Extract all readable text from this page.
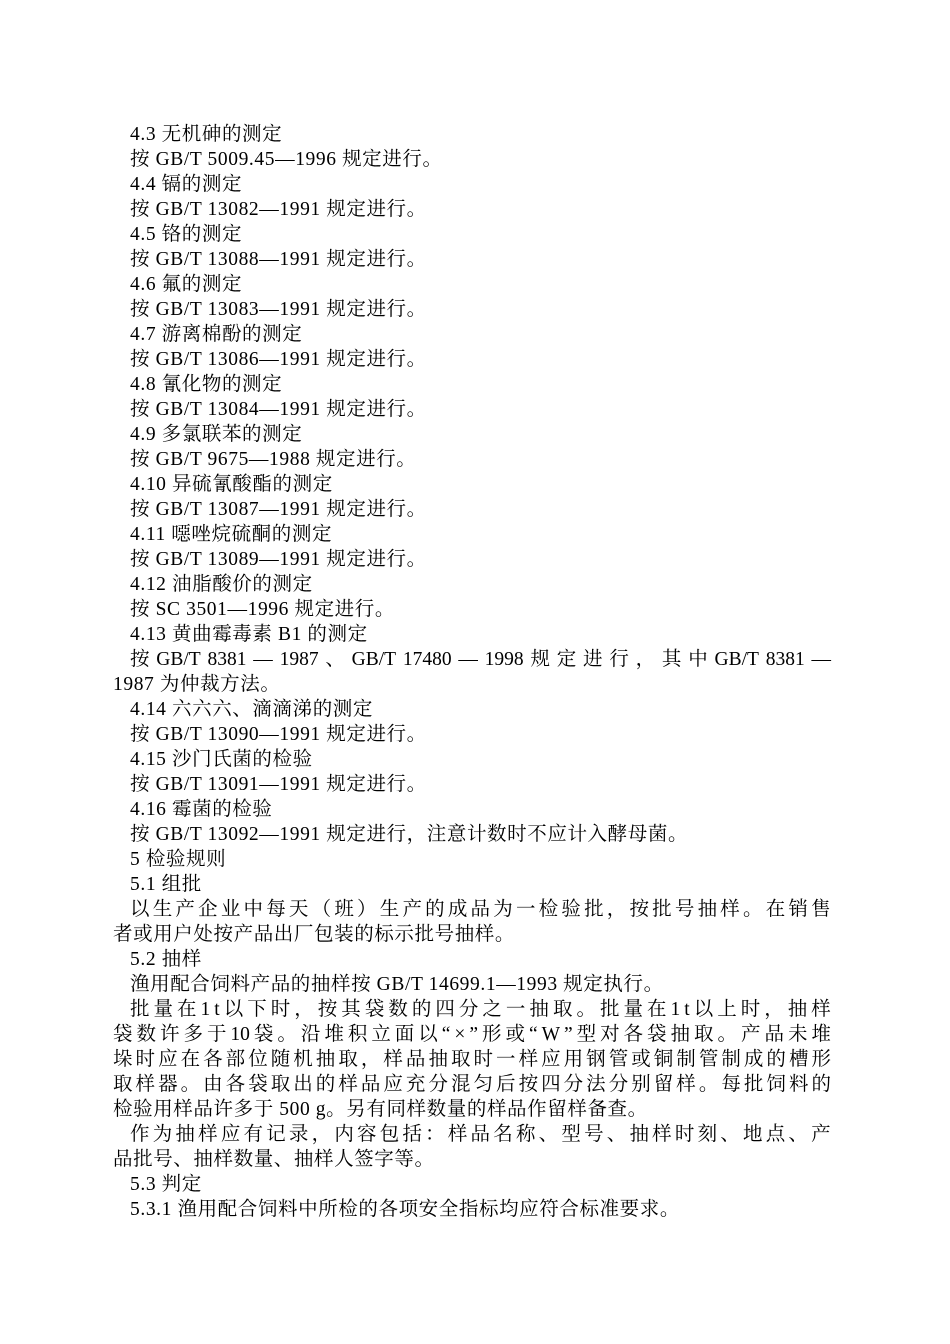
4.3 无机砷的测定
按 GB/T 5009.45—1996 规定进行。
4.4 镉的测定
按 GB/T 13082—1991 规定进行。
4.5 铬的测定
按 GB/T 13088—1991 规定进行。
4.6 氟的测定
按 GB/T 13083—1991 规定进行。
4.7 游离棉酚的测定
按 GB/T 13086—1991 规定进行。
4.8 氰化物的测定
按 GB/T 13084—1991 规定进行。
4.9 多氯联苯的测定
按 GB/T 9675—1988 规定进行。
4.10 异硫氰酸酯的测定
按 GB/T 13087—1991 规定进行。
4.11 噁唑烷硫酮的测定
按 GB/T 13089—1991 规定进行。
4.12 油脂酸价的测定
按 SC 3501—1996 规定进行。
4.13 黄曲霉毒素 B1 的测定
按 GB/T 8381 — 1987 、 GB/T 17480 — 1998 规 定 进 行 ， 其 中 GB/T 8381 —
1987 为仲裁方法。
4.14 六六六、滴滴涕的测定
按 GB/T 13090—1991 规定进行。
4.15 沙门氏菌的检验
按 GB/T 13091—1991 规定进行。
4.16 霉菌的检验
按 GB/T 13092—1991 规定进行，注意计数时不应计入酵母菌。
5 检验规则
5.1 组批
以 生 产 企 业 中 每 天 （ 班 ） 生 产 的 成 品 为 一 检 验 批 ， 按 批 号 抽 样 。 在 销 售
者或用户处按产品出厂包装的标示批号抽样。
5.2 抽样
渔用配合饲料产品的抽样按 GB/T 14699.1—1993 规定执行。
批 量 在 1 t 以 下 时 ， 按 其 袋 数 的 四 分 之 一 抽 取 。 批 量 在 1 t 以 上 时 ， 抽 样
袋 数 许 多 于 10 袋 。 沿 堆 积 立 面 以 “ × ” 形 或 “ W ” 型 对 各 袋 抽 取 。 产 品 未 堆
垛 时 应 在 各 部 位 随 机 抽 取 ， 样 品 抽 取 时 一 样 应 用 钢 管 或 铜 制 管 制 成 的 槽 形
取 样 器 。 由 各 袋 取 出 的 样 品 应 充 分 混 匀 后 按 四 分 法 分 别 留 样 。 每 批 饲 料 的
检验用样品许多于 500 g。另有同样数量的样品作留样备查。
作 为 抽 样 应 有 记 录 ， 内 容 包 括 ： 样 品 名 称 、 型 号 、 抽 样 时 刻 、 地 点 、 产
品批号、抽样数量、抽样人签字等。
5.3 判定
5.3.1 渔用配合饲料中所检的各项安全指标均应符合标准要求。
